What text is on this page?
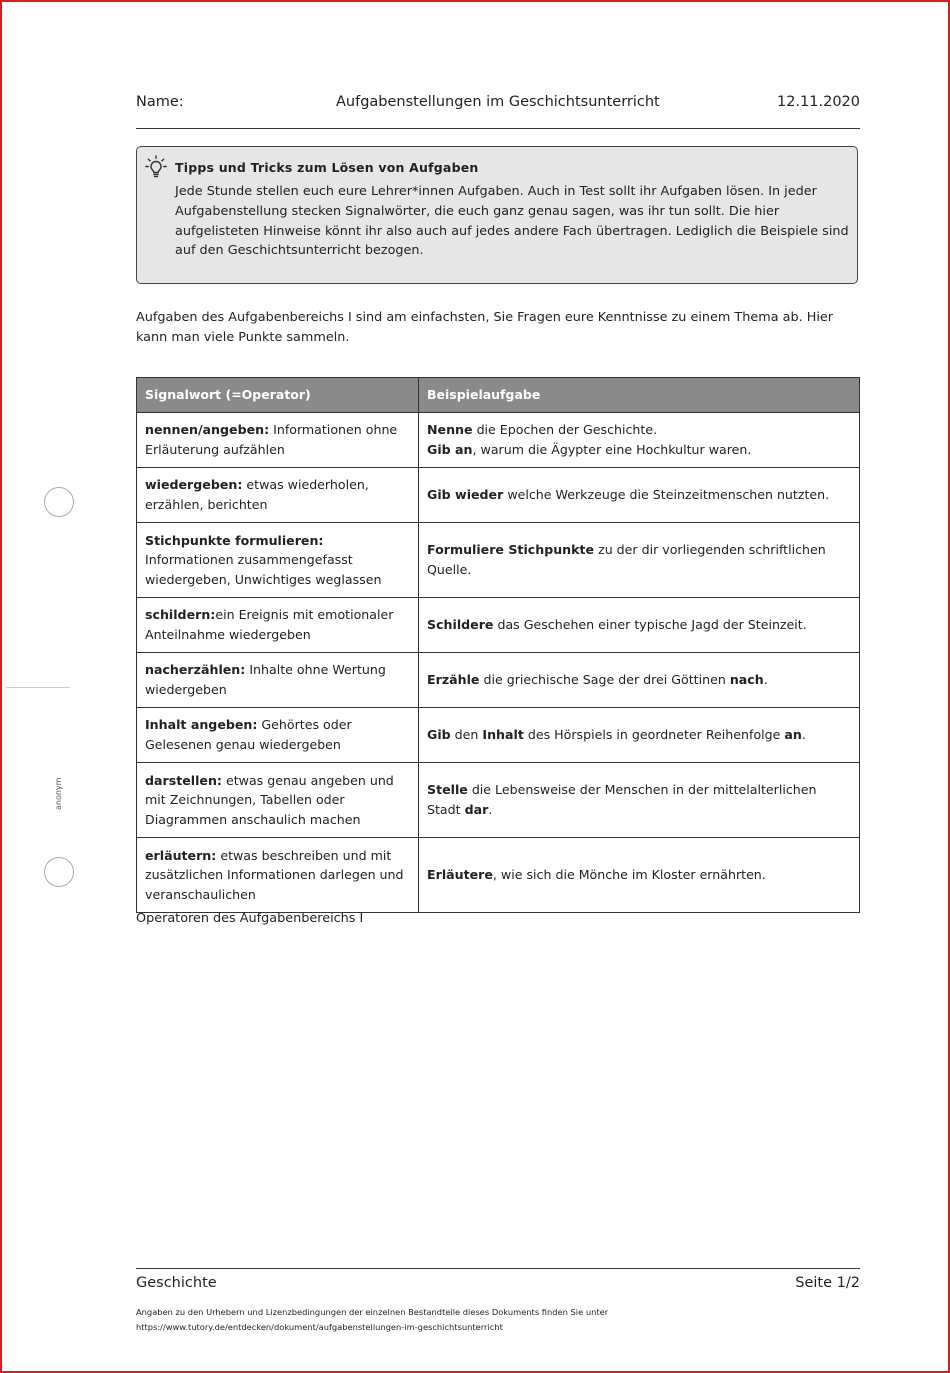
Name:	Aufgabenstellungen im Geschichtsunterricht	12.11.2020
Tipps und Tricks zum Lösen von Aufgaben
Jede Stunde stellen euch eure Lehrer*innen Aufgaben. Auch in Test sollt ihr Aufgaben lösen. In jeder Aufgabenstellung stecken Signalwörter, die euch ganz genau sagen, was ihr tun sollt. Die hier aufgelisteten Hinweise könnt ihr also auch auf jedes andere Fach übertragen. Lediglich die Beispiele sind auf den Geschichtsunterricht bezogen.
Aufgaben des Aufgabenbereichs I sind am einfachsten, Sie Fragen eure Kenntnisse zu einem Thema ab. Hier kann man viele Punkte sammeln.
Signalwort (=Operator)	Beispielaufgabe
nennen/angeben: Informationen ohne Erläuterung aufzählen	Nenne die Epochen der Geschichte.
Gib an, warum die Ägypter eine Hochkultur waren.
wiedergeben: etwas wiederholen, erzählen, berichten	Gib wieder welche Werkzeuge die Steinzeitmenschen nutzten.
Stichpunkte formulieren: Informationen zusammengefasst wiedergeben, Unwichtiges weglassen	Formuliere Stichpunkte zu der dir vorliegenden schriftlichen Quelle.
schildern:ein Ereignis mit emotionaler Anteilnahme wiedergeben	Schildere das Geschehen einer typische Jagd der Steinzeit.
nacherzählen: Inhalte ohne Wertung wiedergeben	Erzähle die griechische Sage der drei Göttinen nach.
Inhalt angeben: Gehörtes oder Gelesenen genau wiedergeben	Gib den Inhalt des Hörspiels in geordneter Reihenfolge an.
darstellen: etwas genau angeben und mit Zeichnungen, Tabellen oder Diagrammen anschaulich machen	Stelle die Lebensweise der Menschen in der mittelalterlichen Stadt dar.
erläutern: etwas beschreiben und mit zusätzlichen Informationen darlegen und veranschaulichen	Erläutere, wie sich die Mönche im Kloster ernährten.
Operatoren des Aufgabenbereichs I
anonym
Geschichte	Seite 1/2
Angaben zu den Urhebern und Lizenzbedingungen der einzelnen Bestandteile dieses Dokuments finden Sie unter
https://www.tutory.de/entdecken/dokument/aufgabenstellungen-im-geschichtsunterricht
